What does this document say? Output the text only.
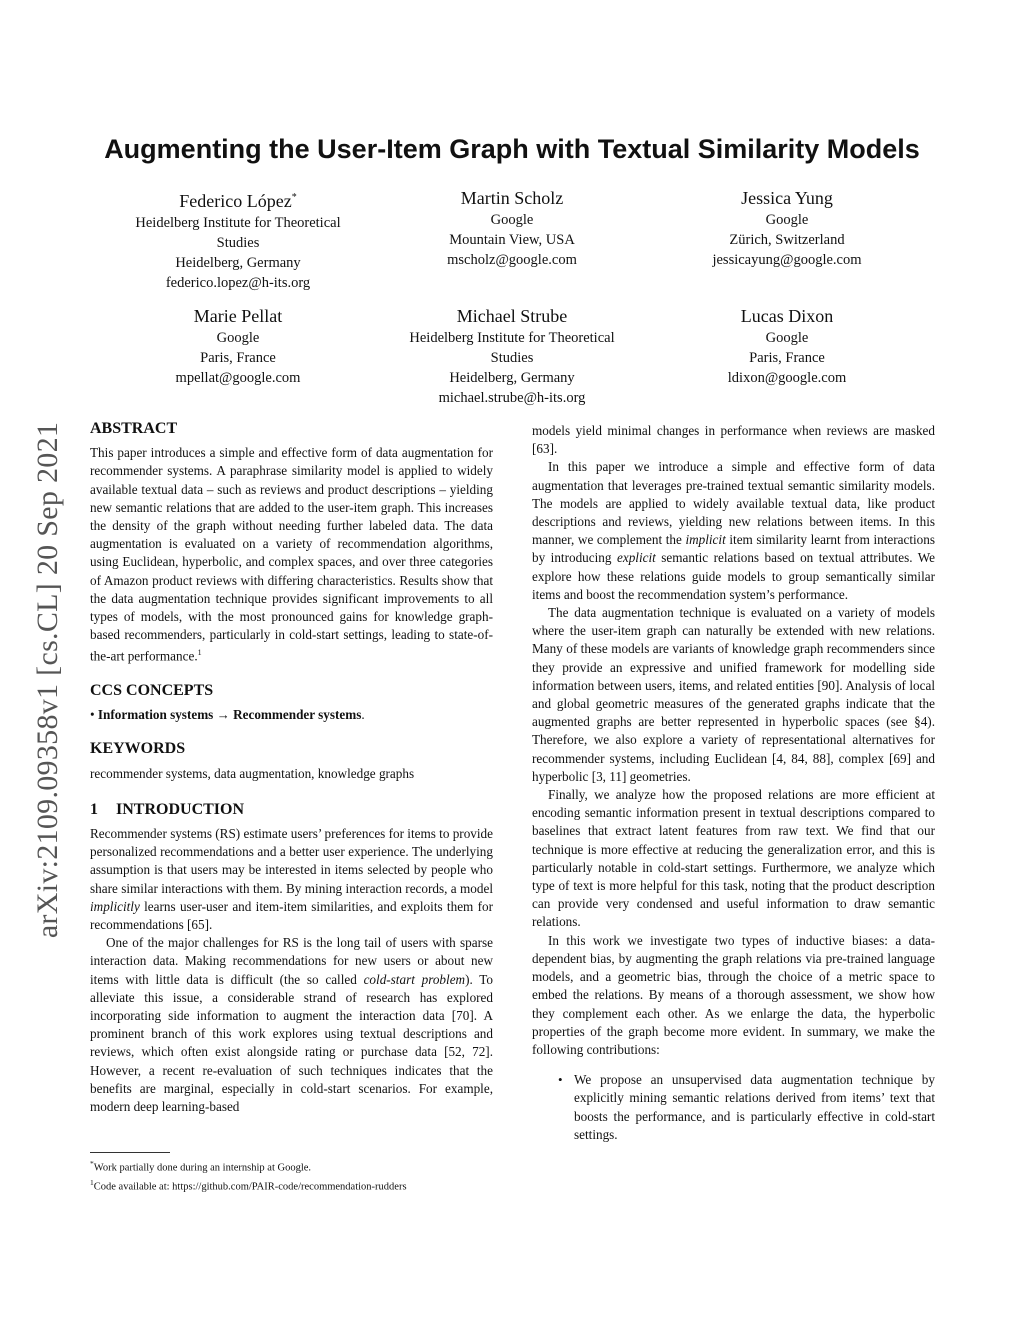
arXiv:2109.09358v1 [cs.CL] 20 Sep 2021
Augmenting the User-Item Graph with Textual Similarity Models
Federico López*
Heidelberg Institute for Theoretical
Studies
Heidelberg, Germany
federico.lopez@h-its.org
Martin Scholz
Google
Mountain View, USA
mscholz@google.com
Jessica Yung
Google
Zürich, Switzerland
jessicayung@google.com
Marie Pellat
Google
Paris, France
mpellat@google.com
Michael Strube
Heidelberg Institute for Theoretical
Studies
Heidelberg, Germany
michael.strube@h-its.org
Lucas Dixon
Google
Paris, France
ldixon@google.com
ABSTRACT

This paper introduces a simple and effective form of data augmentation for recommender systems. A paraphrase similarity model is applied to widely available textual data – such as reviews and product descriptions – yielding new semantic relations that are added to the user-item graph. This increases the density of the graph without needing further labeled data. The data augmentation is evaluated on a variety of recommendation algorithms, using Euclidean, hyperbolic, and complex spaces, and over three categories of Amazon product reviews with differing characteristics. Results show that the data augmentation technique provides significant improvements to all types of models, with the most pronounced gains for knowledge graph-based recommenders, particularly in cold-start settings, leading to state-of-the-art performance.$^1$

CCS CONCEPTS

• Information systems → Recommender systems.

KEYWORDS

recommender systems, data augmentation, knowledge graphs

1 INTRODUCTION

Recommender systems (RS) estimate users’ preferences for items to provide personalized recommendations and a better user experience. The underlying assumption is that users may be interested in items selected by people who share similar interactions with them. By mining interaction records, a model implicitly learns user-user and item-item similarities, and exploits them for recommendations [65].

One of the major challenges for RS is the long tail of users with sparse interaction data. Making recommendations for new users or about new items with little data is difficult (the so called cold-start problem). To alleviate this issue, a considerable strand of research has explored incorporating side information to augment the interaction data [70]. A prominent branch of this work explores using textual descriptions and reviews, which often exist alongside rating or purchase data [52, 72]. However, a recent re-evaluation of such techniques indicates that the benefits are marginal, especially in cold-start scenarios. For example, modern deep learning-based

*Work partially done during an internship at Google.
$^1$Code available at: https://github.com/PAIR-code/recommendation-rudders

models yield minimal changes in performance when reviews are masked [63].

In this paper we introduce a simple and effective form of data augmentation that leverages pre-trained textual semantic similarity models. The models are applied to widely available textual data, like product descriptions and reviews, yielding new relations between items. In this manner, we complement the implicit item similarity learnt from interactions by introducing explicit semantic relations based on textual attributes. We explore how these relations guide models to group semantically similar items and boost the recommendation system’s performance.

The data augmentation technique is evaluated on a variety of models where the user-item graph can naturally be extended with new relations. Many of these models are variants of knowledge graph recommenders since they provide an expressive and unified framework for modelling side information between users, items, and related entities [90]. Analysis of local and global geometric measures of the generated graphs indicate that the augmented graphs are better represented in hyperbolic spaces (see §4). Therefore, we also explore a variety of representational alternatives for recommender systems, including Euclidean [4, 84, 88], complex [69] and hyperbolic [3, 11] geometries.

Finally, we analyze how the proposed relations are more efficient at encoding semantic information present in textual descriptions compared to baselines that extract latent features from raw text. We find that our technique is more effective at reducing the generalization error, and this is particularly notable in cold-start settings. Furthermore, we analyze which type of text is more helpful for this task, noting that the product description can provide very condensed and useful information to draw semantic relations.

In this work we investigate two types of inductive biases: a data-dependent bias, by augmenting the graph relations via pre-trained language models, and a geometric bias, through the choice of a metric space to embed the relations. By means of a thorough assessment, we show how they complement each other. As we enlarge the data, the hyperbolic properties of the graph become more evident. In summary, we make the following contributions:

• We propose an unsupervised data augmentation technique by explicitly mining semantic relations derived from items’ text that boosts the performance, and is particularly effective in cold-start settings.
